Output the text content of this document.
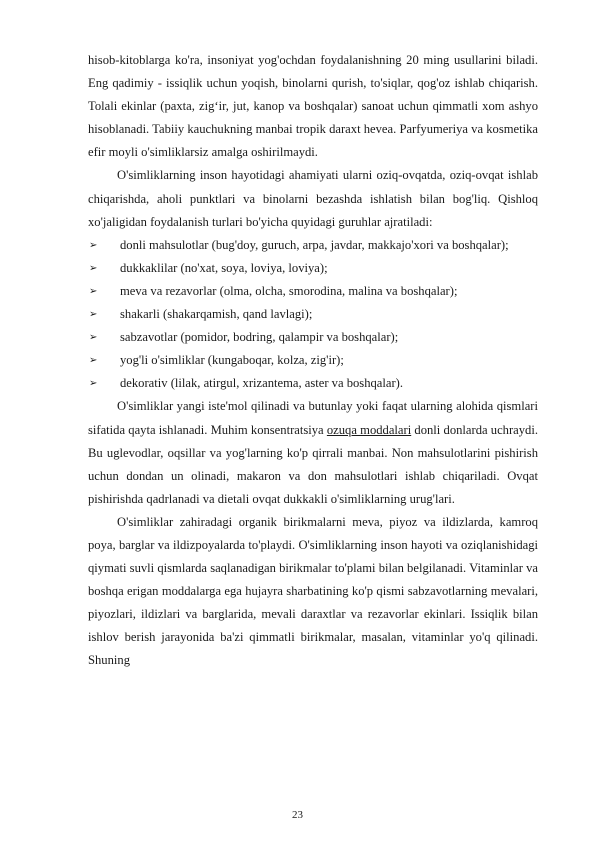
hisob-kitoblarga ko'ra, insoniyat yog'ochdan foydalanishning 20 ming usullarini biladi. Eng qadimiy - issiqlik uchun yoqish, binolarni qurish, to'siqlar, qog'oz ishlab chiqarish. Tolali ekinlar (paxta, zig‘ir, jut, kanop va boshqalar) sanoat uchun qimmatli xom ashyo hisoblanadi. Tabiiy kauchukning manbai tropik daraxt hevea. Parfyumeriya va kosmetika efir moyli o'simliklarsiz amalga oshirilmaydi.

O'simliklarning inson hayotidagi ahamiyati ularni oziq-ovqatda, oziq-ovqat ishlab chiqarishda, aholi punktlari va binolarni bezashda ishlatish bilan bog'liq. Qishloq xo'jaligidan foydalanish turlari bo'yicha quyidagi guruhlar ajratiladi:

➢ donli mahsulotlar (bug'doy, guruch, arpa, javdar, makkajo'xori va boshqalar);
➢ dukkaklilar (no'xat, soya, loviya, loviya);
➢ meva va rezavorlar (olma, olcha, smorodina, malina va boshqalar);
➢ shakarli (shakarqamish, qand lavlagi);
➢ sabzavotlar (pomidor, bodring, qalampir va boshqalar);
➢ yog'li o'simliklar (kungaboqar, kolza, zig'ir);
➢ dekorativ (lilak, atirgul, xrizantema, aster va boshqalar).

O'simliklar yangi iste'mol qilinadi va butunlay yoki faqat ularning alohida qismlari sifatida qayta ishlanadi. Muhim konsentratsiya ozuqa moddalari donli donlarda uchraydi. Bu uglevodlar, oqsillar va yog'larning ko'p qirrali manbai. Non mahsulotlarini pishirish uchun dondan un olinadi, makaron va don mahsulotlari ishlab chiqariladi. Ovqat pishirishda qadrlanadi va dietali ovqat dukkakli o'simliklarning urug'lari.

O'simliklar zahiradagi organik birikmalarni meva, piyoz va ildizlarda, kamroq poya, barglar va ildizpoyalarda to'playdi. O'simliklarning inson hayoti va oziqlanishidagi qiymati suvli qismlarda saqlanadigan birikmalar to'plami bilan belgilanadi. Vitaminlar va boshqa erigan moddalarga ega hujayra sharbatining ko'p qismi sabzavotlarning mevalari, piyozlari, ildizlari va barglarida, mevali daraxtlar va rezavorlar ekinlari. Issiqlik bilan ishlov berish jarayonida ba'zi qimmatli birikmalar, masalan, vitaminlar yo'q qilinadi. Shuning

23
